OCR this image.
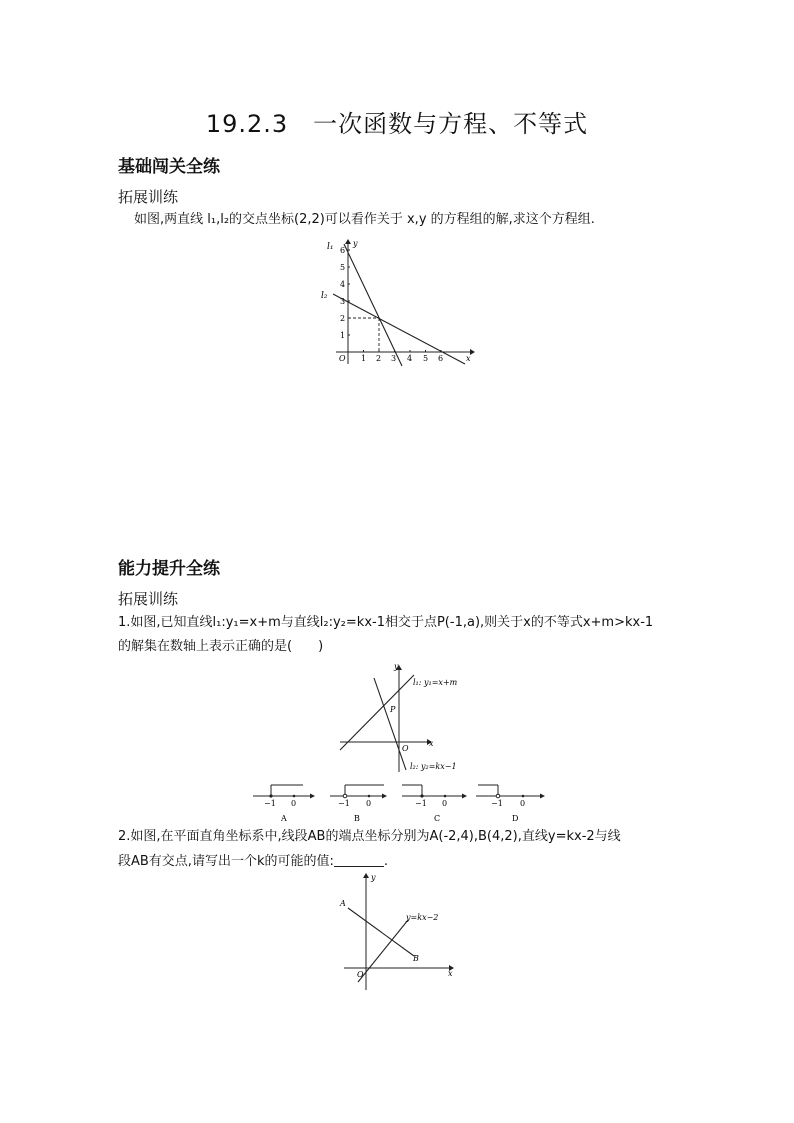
19.2.3　一次函数与方程、不等式
基础闯关全练
拓展训练
如图,两直线 l₁,l₂的交点坐标(2,2)可以看作关于 x,y 的方程组的解,求这个方程组.
l₁
l₂
y
x
O 1 2 3 4 5 6
1
2
3
4
5
6
能力提升全练
拓展训练
1.如图,已知直线l₁:y₁=x+m与直线l₂:y₂=kx-1相交于点P(-1,a),则关于x的不等式x+m>kx-1
的解集在数轴上表示正确的是(　　)
y
x
O
P
l₁: y₁=x+m
l₂: y₂=kx−1
−1 0
A
−1 0
B
−1 0
C
−1 0
D
2.如图,在平面直角坐标系中,线段AB的端点坐标分别为A(-2,4),B(4,2),直线y=kx-2与线
段AB有交点,请写出一个k的可能的值:	.
y
x
O
A
B
y=kx−2
